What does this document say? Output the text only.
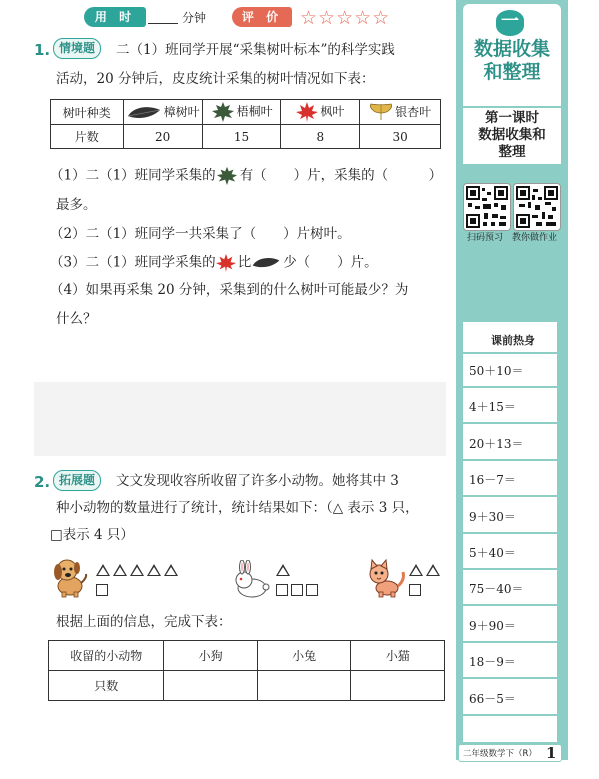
用 时	分钟	评 价 ☆☆☆☆☆	一
数据收集
和整理
第一课时
数据收集和
整理
扫码预习 教你做作业
课前热身
50＋10＝
4＋15＝
20＋13＝
16－7＝
9＋30＝
5＋40＝
75－40＝
9＋90＝
18－9＝
66－5＝
二年级数学下（R） 1
1. 情境题	二（1）班同学开展“采集树叶标本”的科学实践
活动，20 分钟后，皮皮统计采集的树叶情况如下表：
树叶种类	樟树叶	梧桐叶	枫叶	银杏叶
片数	20	15	8	30
（1）二（1）班同学采集的 有（　　）片，采集的（　　　）
最多。
（2）二（1）班同学一共采集了（　　）片树叶。
（3）二（1）班同学采集的 比 少（　　）片。
（4）如果再采集 20 分钟，采集到的什么树叶可能最少？为
什么？
2. 拓展题	文文发现收容所收留了许多小动物。她将其中 3
种小动物的数量进行了统计，统计结果如下：（△ 表示 3 只，
□表示 4 只）
根据上面的信息，完成下表：
收留的小动物	小狗	小兔	小猫
只数			
